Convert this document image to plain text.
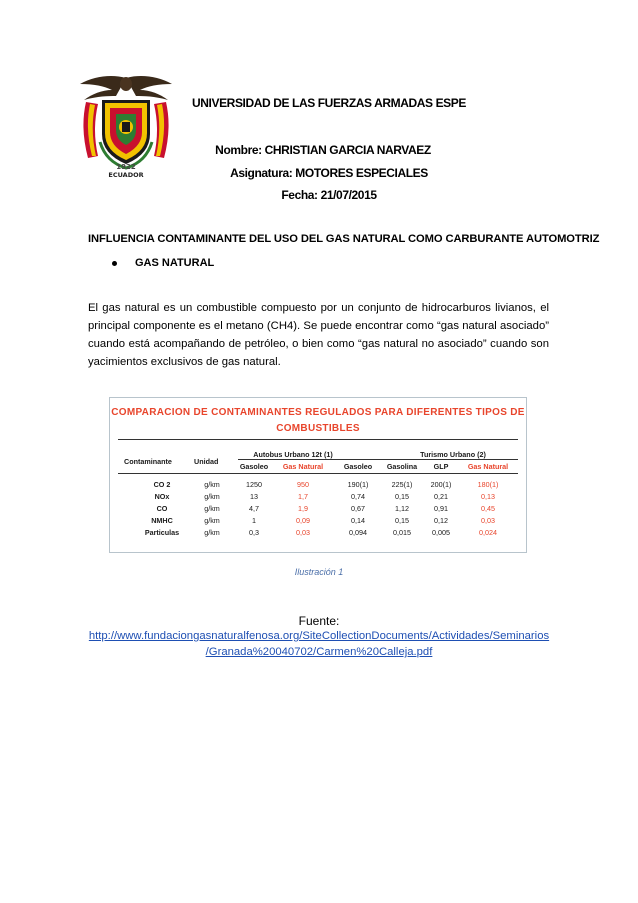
1922
ECUADOR
UNIVERSIDAD DE LAS FUERZAS ARMADAS ESPE
Nombre: CHRISTIAN GARCIA NARVAEZ
Asignatura: MOTORES ESPECIALES
Fecha: 21/07/2015
INFLUENCIA CONTAMINANTE DEL USO DEL GAS NATURAL COMO CARBURANTE AUTOMOTRIZ
GAS NATURAL
El gas natural es un combustible compuesto por un conjunto de hidrocarburos livianos, el
principal componente es el metano (CH4). Se puede encontrar como “gas natural asociado”
cuando está acompañando de petróleo, o bien como “gas natural no asociado” cuando son
yacimientos exclusivos de gas natural.
COMPARACION DE CONTAMINANTES REGULADOS PARA DIFERENTES TIPOS DE
COMBUSTIBLES
Autobus Urbano 12t (1)	Turismo Urbano (2)
Contaminante	Unidad
Gasoleo	Gas Natural	Gasoleo	Gasolina	GLP	Gas Natural
CO 2	g/km	1250	950	190(1)	225(1)	200(1)	180(1)
NOx	g/km	13	1,7	0,74	0,15	0,21	0,13
CO	g/km	4,7	1,9	0,67	1,12	0,91	0,45
NMHC	g/km	1	0,09	0,14	0,15	0,12	0,03
Particulas	g/km	0,3	0,03	0,094	0,015	0,005	0,024
Ilustración 1
Fuente:
http://www.fundaciongasnaturalfenosa.org/SiteCollectionDocuments/Actividades/Seminarios
/Granada%20040702/Carmen%20Calleja.pdf
